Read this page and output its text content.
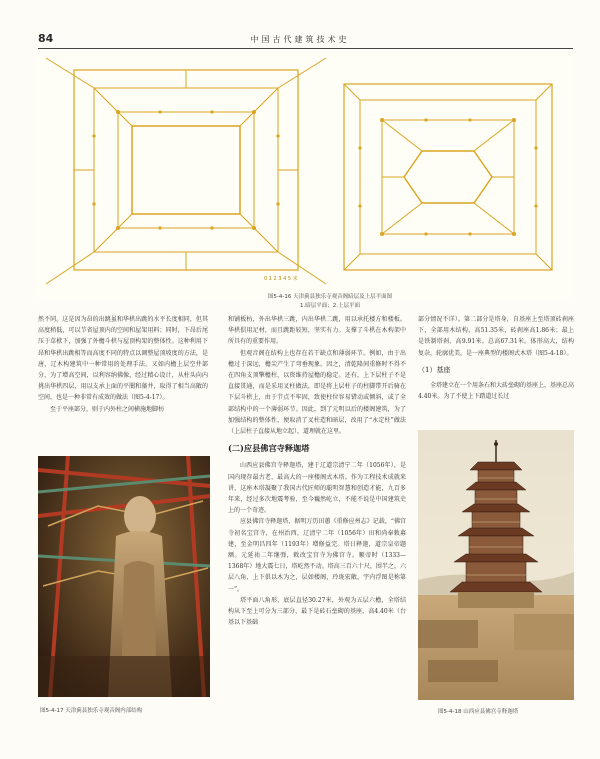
84	中国古代建筑技术史
0 1 2 3 4 5 米
图5-4-16 天津蓟县独乐寺观音阁暗层及上层平面图
1.暗层平面；2.上层平面

然不同。这是因为昂的出跳虽和华栱出跳的水平长度相同，但其高度稍低，可以节省屋顶内的空间和屋架用料；同时，下昂后尾压于草栿下，加强了外檐斗栱与屋顶构架的整体性。这种利用下昂和华栱出跳相等而高度不同的特点以调整屋顶坡度的方法，是唐、辽木构建筑中一种常用的处理手法。又如内檐上层空井部分，为了增高空间，以利容纳佛像，经过精心设计，从柱头向内挑出华栱四层，用以支承上面的平闇和藻井，取得了相当高敞的空间，也是一种非常有成效的做法（图5-4-17）。

至于平座部分，则于内外柱之间横施地脚枋

图5-4-17 天津蓟县独乐寺观音阁内部结构

和铺板枋，外出华栱三跳，内出华栱二跳，用以承托楼方和楼板。华栱俱用足材，而且跳距较短，坚实有力。支撑了斗栱在木构架中所具有的重要作用。

但观音阁在结构上也存在若干缺点和薄弱环节。例如，由于出檐过于深远，檐尖产生了弯垂现象。因之，清乾隆间重修时不得不在四角支顶擎檐柱，以资维持屋檐的稳定。还有，上下层柱子不是直接贯通，而是采用叉柱做法，即是将上层柱子的柱脚带开后骑在下层斗栱上，由于节点不牢固，致使柱位容易错动或倾斜，或了全部结构中的一个薄弱环节。因此，到了元明以后的楼阁建筑，为了加强结构的整体性，便取消了叉柱造和暗层，改用了“永定柱”做法（上层柱子直接从地立起），道理就在这里。

(二)应县佛宫寺释迦塔

山西应县佛宫寺释迦塔，建于辽道宗清宁二年（1056年），是国内现存最古老、最高大的一座楼阁式木塔。作为工程技术成就来讲，这座木塔凝聚了我国古代匠师的聪明智慧和创造才能，九百多年来，经过多次地震考验，至今巍然屹立，不能不说是中国建筑史上的一个奇迹。

应县佛宫寺释迦塔，据明万历田蕙《重修应州志》记载，“佛宫寺初名宝宫寺，在州治西，辽清宁二年（1056年）田和尚奉敕募建，至金明昌四年（1193年）增修益完。塔日释迦，道宗皇帝题额。元延祐二年继弹，敕改宝宫寺为佛宫寺。顺帝时（1333—1368年）地大震七日，塔屹然不动。塔高三百六十尺，围半之，六层八角，上下俱以木为之，层如楼阁，玲珑宏敞，宇内浮图是称第一”。

塔平面八角形，底层直径30.27米，外观为五层六檐，全塔结构从下至上可分为三部分，最下是砖石垒砌的基座，高4.40米（台基以下基础

部分情况不详）。第二部分是塔身，自基座上至塔顶砖刹座下，全部用木结构，高51.35米，砖刹座高1.86米；最上是铁制塔刹，高9.91米。总高67.31米。体形高大，结构复杂，轮廓优美，是一座典型的楼阁式木塔（图5-4-18）。

（1）基座

全塔建立在一个用条石和大砖垒砌的基座上，基座总高4.40米。为了不使上下踏道过长过

图5-4-18 山西应县佛宫寺释迦塔
